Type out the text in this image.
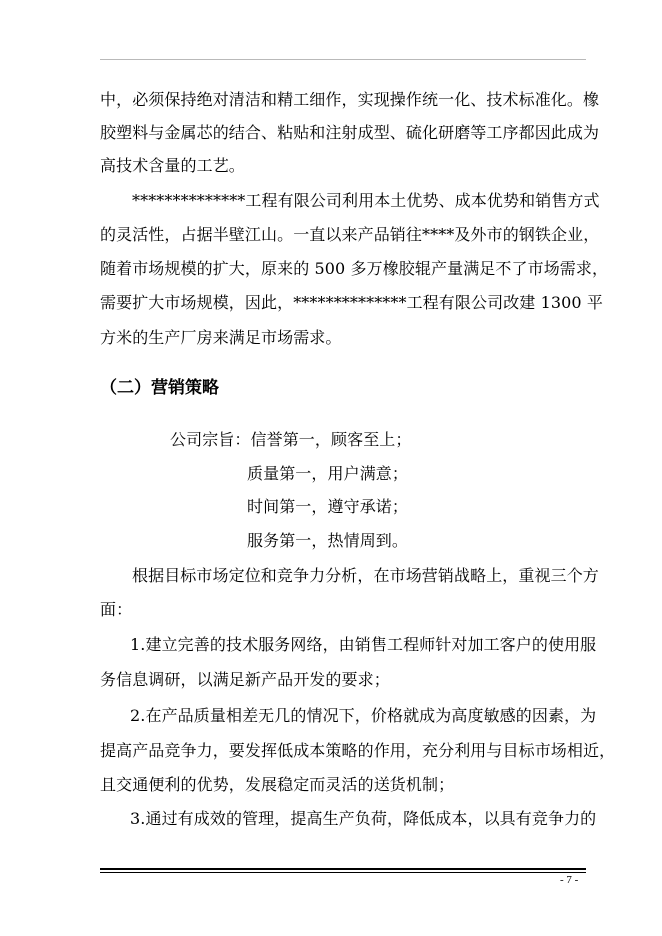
中，必须保持绝对清洁和精工细作，实现操作统一化、技术标准化。橡
胶塑料与金属芯的结合、粘贴和注射成型、硫化研磨等工序都因此成为
高技术含量的工艺。
**************工程有限公司利用本土优势、成本优势和销售方式
的灵活性，占据半壁江山。一直以来产品销往****及外市的钢铁企业，
随着市场规模的扩大，原来的 500 多万橡胶辊产量满足不了市场需求，
需要扩大市场规模，因此，**************工程有限公司改建 1300 平
方米的生产厂房来满足市场需求。
（二）营销策略
公司宗旨：信誉第一，顾客至上；
质量第一，用户满意；
时间第一，遵守承诺；
服务第一，热情周到。
根据目标市场定位和竞争力分析，在市场营销战略上，重视三个方
面：
1.建立完善的技术服务网络，由销售工程师针对加工客户的使用服
务信息调研，以满足新产品开发的要求；
2.在产品质量相差无几的情况下，价格就成为高度敏感的因素，为
提高产品竞争力，要发挥低成本策略的作用，充分利用与目标市场相近，
且交通便利的优势，发展稳定而灵活的送货机制；
3.通过有成效的管理，提高生产负荷，降低成本，以具有竞争力的
- 7 -
